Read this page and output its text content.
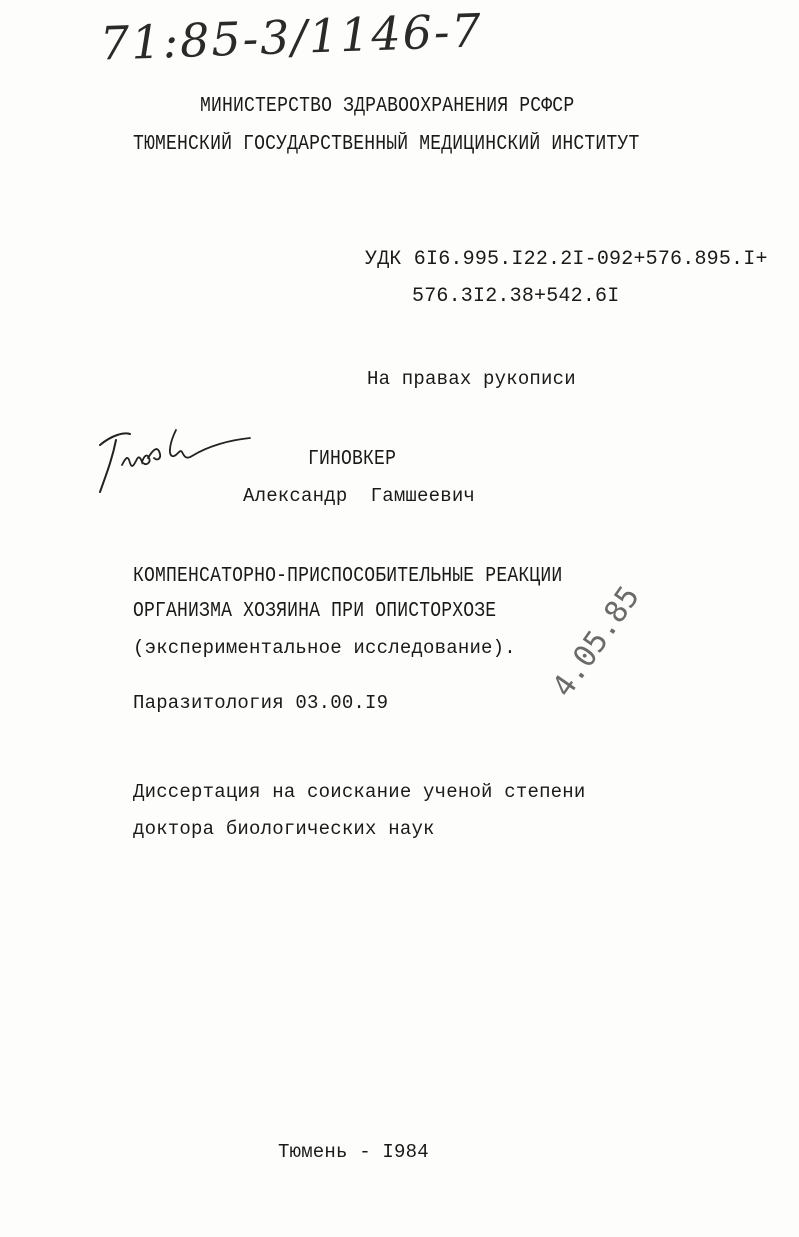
71:85-3/1146-7
МИНИСТЕРСТВО ЗДРАВООХРАНЕНИЯ РСФСР
ТЮМЕНСКИЙ ГОСУДАРСТВЕННЫЙ МЕДИЦИНСКИЙ ИНСТИТУТ
УДК 6I6.995.I22.2I-092+576.895.I+
576.3I2.38+542.6I
На правах рукописи
ГИНОВКЕР
Александр  Гамшеевич
КОМПЕНСАТОРНО-ПРИСПОСОБИТЕЛЬНЫЕ РЕАКЦИИ
ОРГАНИЗМА ХОЗЯИНА ПРИ ОПИСТОРХОЗЕ
(экспериментальное исследование).
Паразитология 03.00.I9	4.05.85
Диссертация на соискание ученой степени
доктора биологических наук
Тюмень - I984
